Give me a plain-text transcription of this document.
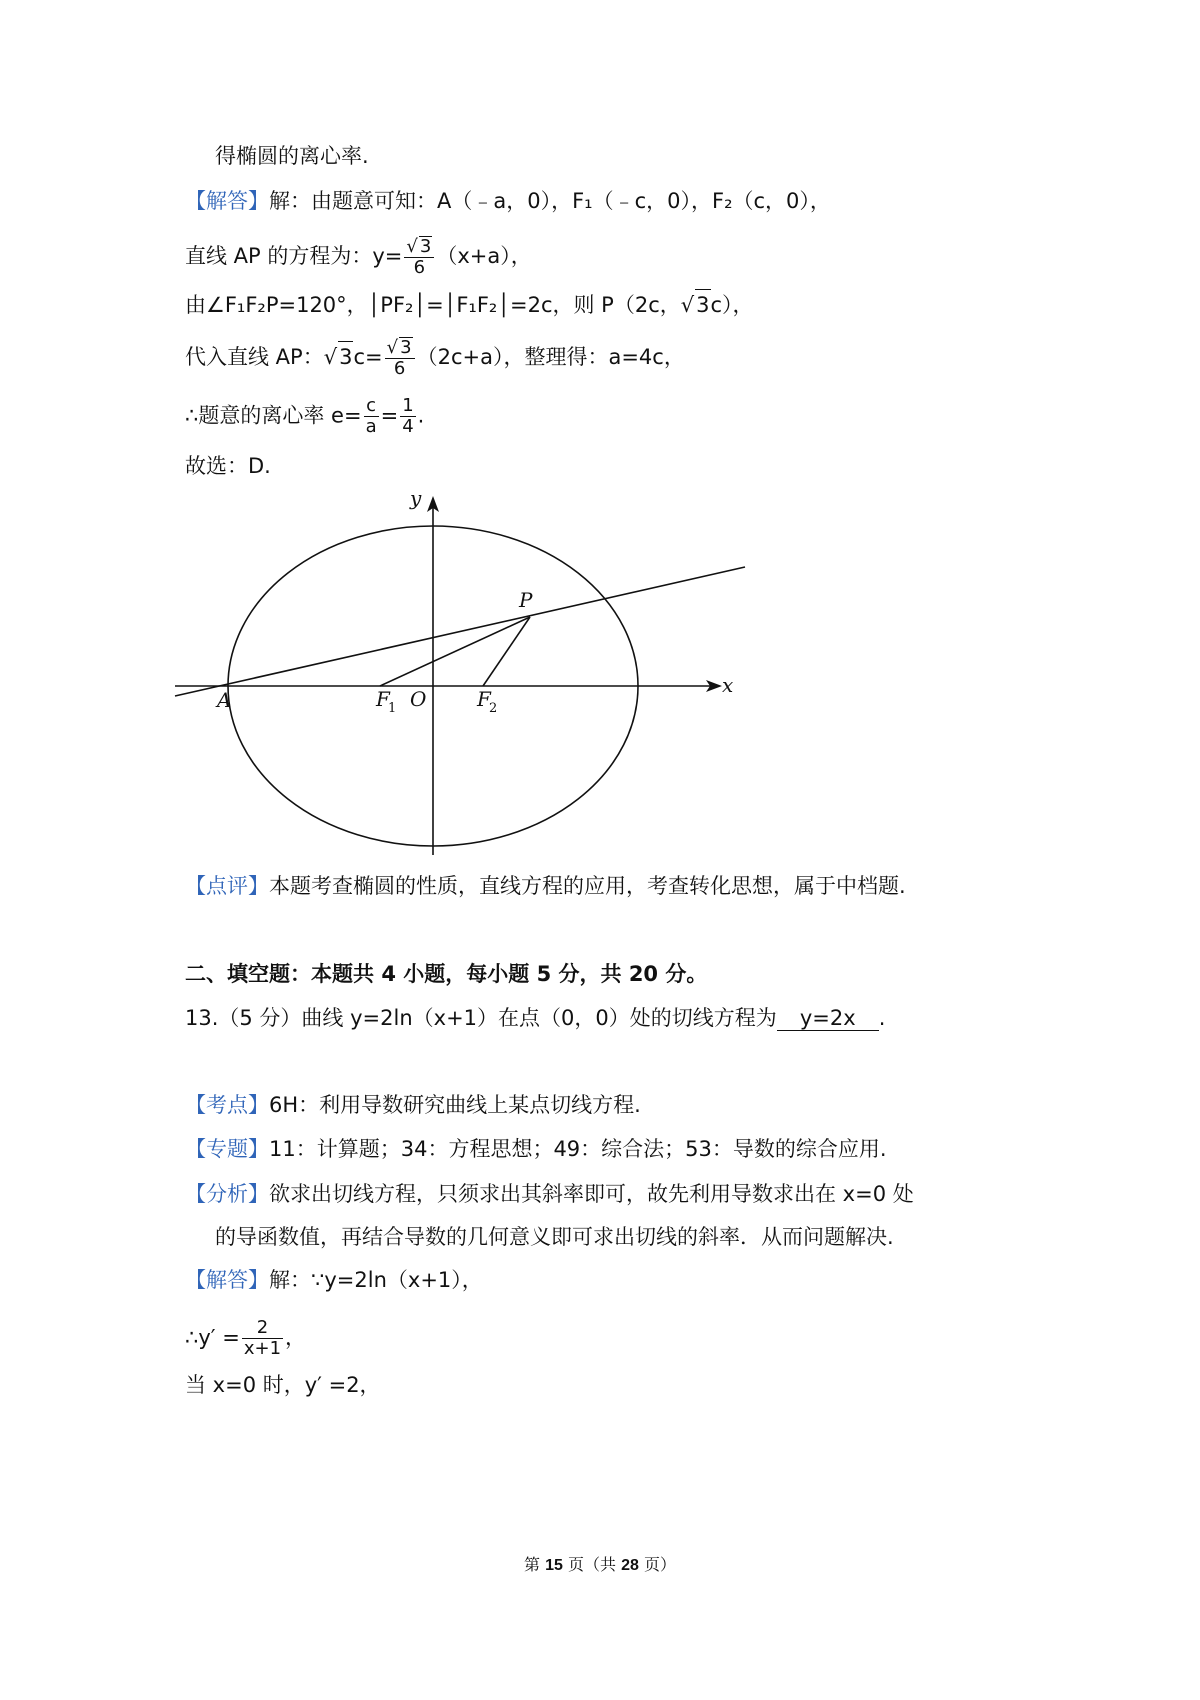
得椭圆的离心率.
【解答】解：由题意可知：A（﹣a，0），F₁（﹣c，0），F₂（c，0），
直线 AP 的方程为：y= √ $\frac{3}{6} (x+a)$，
由∠F₁F₂P=120°，│PF₂│=│F₁F₂│=2c，则 P（2c， √ 3c），
代入直线 AP： √ 3c= √ $\frac{3}{6} (2c+a)$，整理得：a=4c，
∴题意的离心率 $e= \frac{c}{a} = \frac{1}{4}$ .
故选：D.
y
x
P
A	O
F
1	F
2
【点评】本题考查椭圆的性质，直线方程的应用，考查转化思想，属于中档题.
二、填空题：本题共 4 小题，每小题 5 分，共 20 分。
13.（5 分）曲线 y=2ln（x+1）在点（0，0）处的切线方程为 y=2x .
【考点】6H：利用导数研究曲线上某点切线方程.
【专题】11：计算题；34：方程思想；49：综合法；53：导数的综合应用.
【分析】欲求出切线方程，只须求出其斜率即可，故先利用导数求出在 x=0 处
的导函数值，再结合导数的几何意义即可求出切线的斜率．从而问题解决.
【解答】解：∵y=2ln（x+1），
∴y′ = $\frac{2}{x+1}$ ，
当 x=0 时，y′ =2，
第 15 页（共 28 页）
